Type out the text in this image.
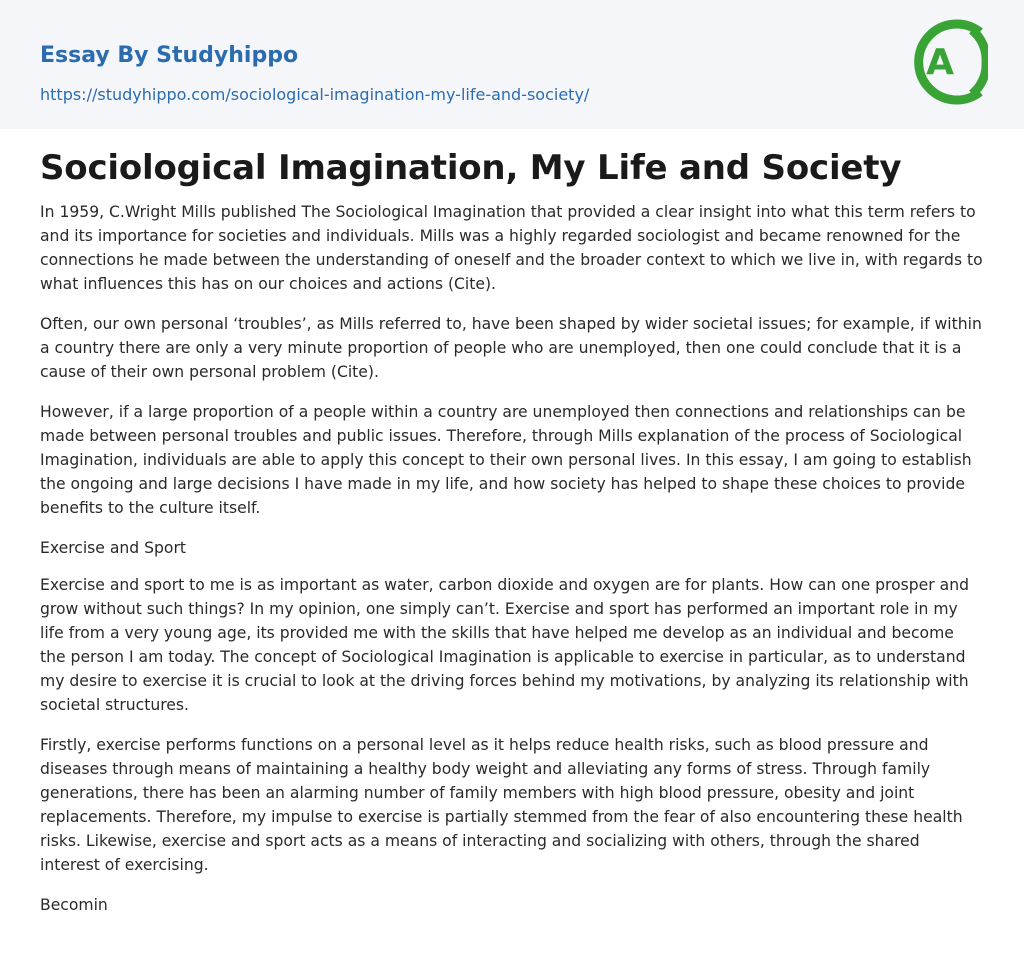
Essay By Studyhippo
https://studyhippo.com/sociological-imagination-my-life-and-society/
A
Sociological Imagination, My Life and Society

In 1959, C.Wright Mills published The Sociological Imagination that provided a clear insight into what this term refers to and its importance for societies and individuals. Mills was a highly regarded sociologist and became renowned for the connections he made between the understanding of oneself and the broader context to which we live in, with regards to what influences this has on our choices and actions (Cite).

Often, our own personal ‘troubles’, as Mills referred to, have been shaped by wider societal issues; for example, if within a country there are only a very minute proportion of people who are unemployed, then one could conclude that it is a cause of their own personal problem (Cite).

However, if a large proportion of a people within a country are unemployed then connections and relationships can be made between personal troubles and public issues. Therefore, through Mills explanation of the process of Sociological Imagination, individuals are able to apply this concept to their own personal lives. In this essay, I am going to establish the ongoing and large decisions I have made in my life, and how society has helped to shape these choices to provide benefits to the culture itself.

Exercise and Sport

Exercise and sport to me is as important as water, carbon dioxide and oxygen are for plants. How can one prosper and grow without such things? In my opinion, one simply can’t. Exercise and sport has performed an important role in my life from a very young age, its provided me with the skills that have helped me develop as an individual and become the person I am today. The concept of Sociological Imagination is applicable to exercise in particular, as to understand my desire to exercise it is crucial to look at the driving forces behind my motivations, by analyzing its relationship with societal structures.

Firstly, exercise performs functions on a personal level as it helps reduce health risks, such as blood pressure and diseases through means of maintaining a healthy body weight and alleviating any forms of stress. Through family generations, there has been an alarming number of family members with high blood pressure, obesity and joint replacements. Therefore, my impulse to exercise is partially stemmed from the fear of also encountering these health risks. Likewise, exercise and sport acts as a means of interacting and socializing with others, through the shared interest of exercising.

Becomin
